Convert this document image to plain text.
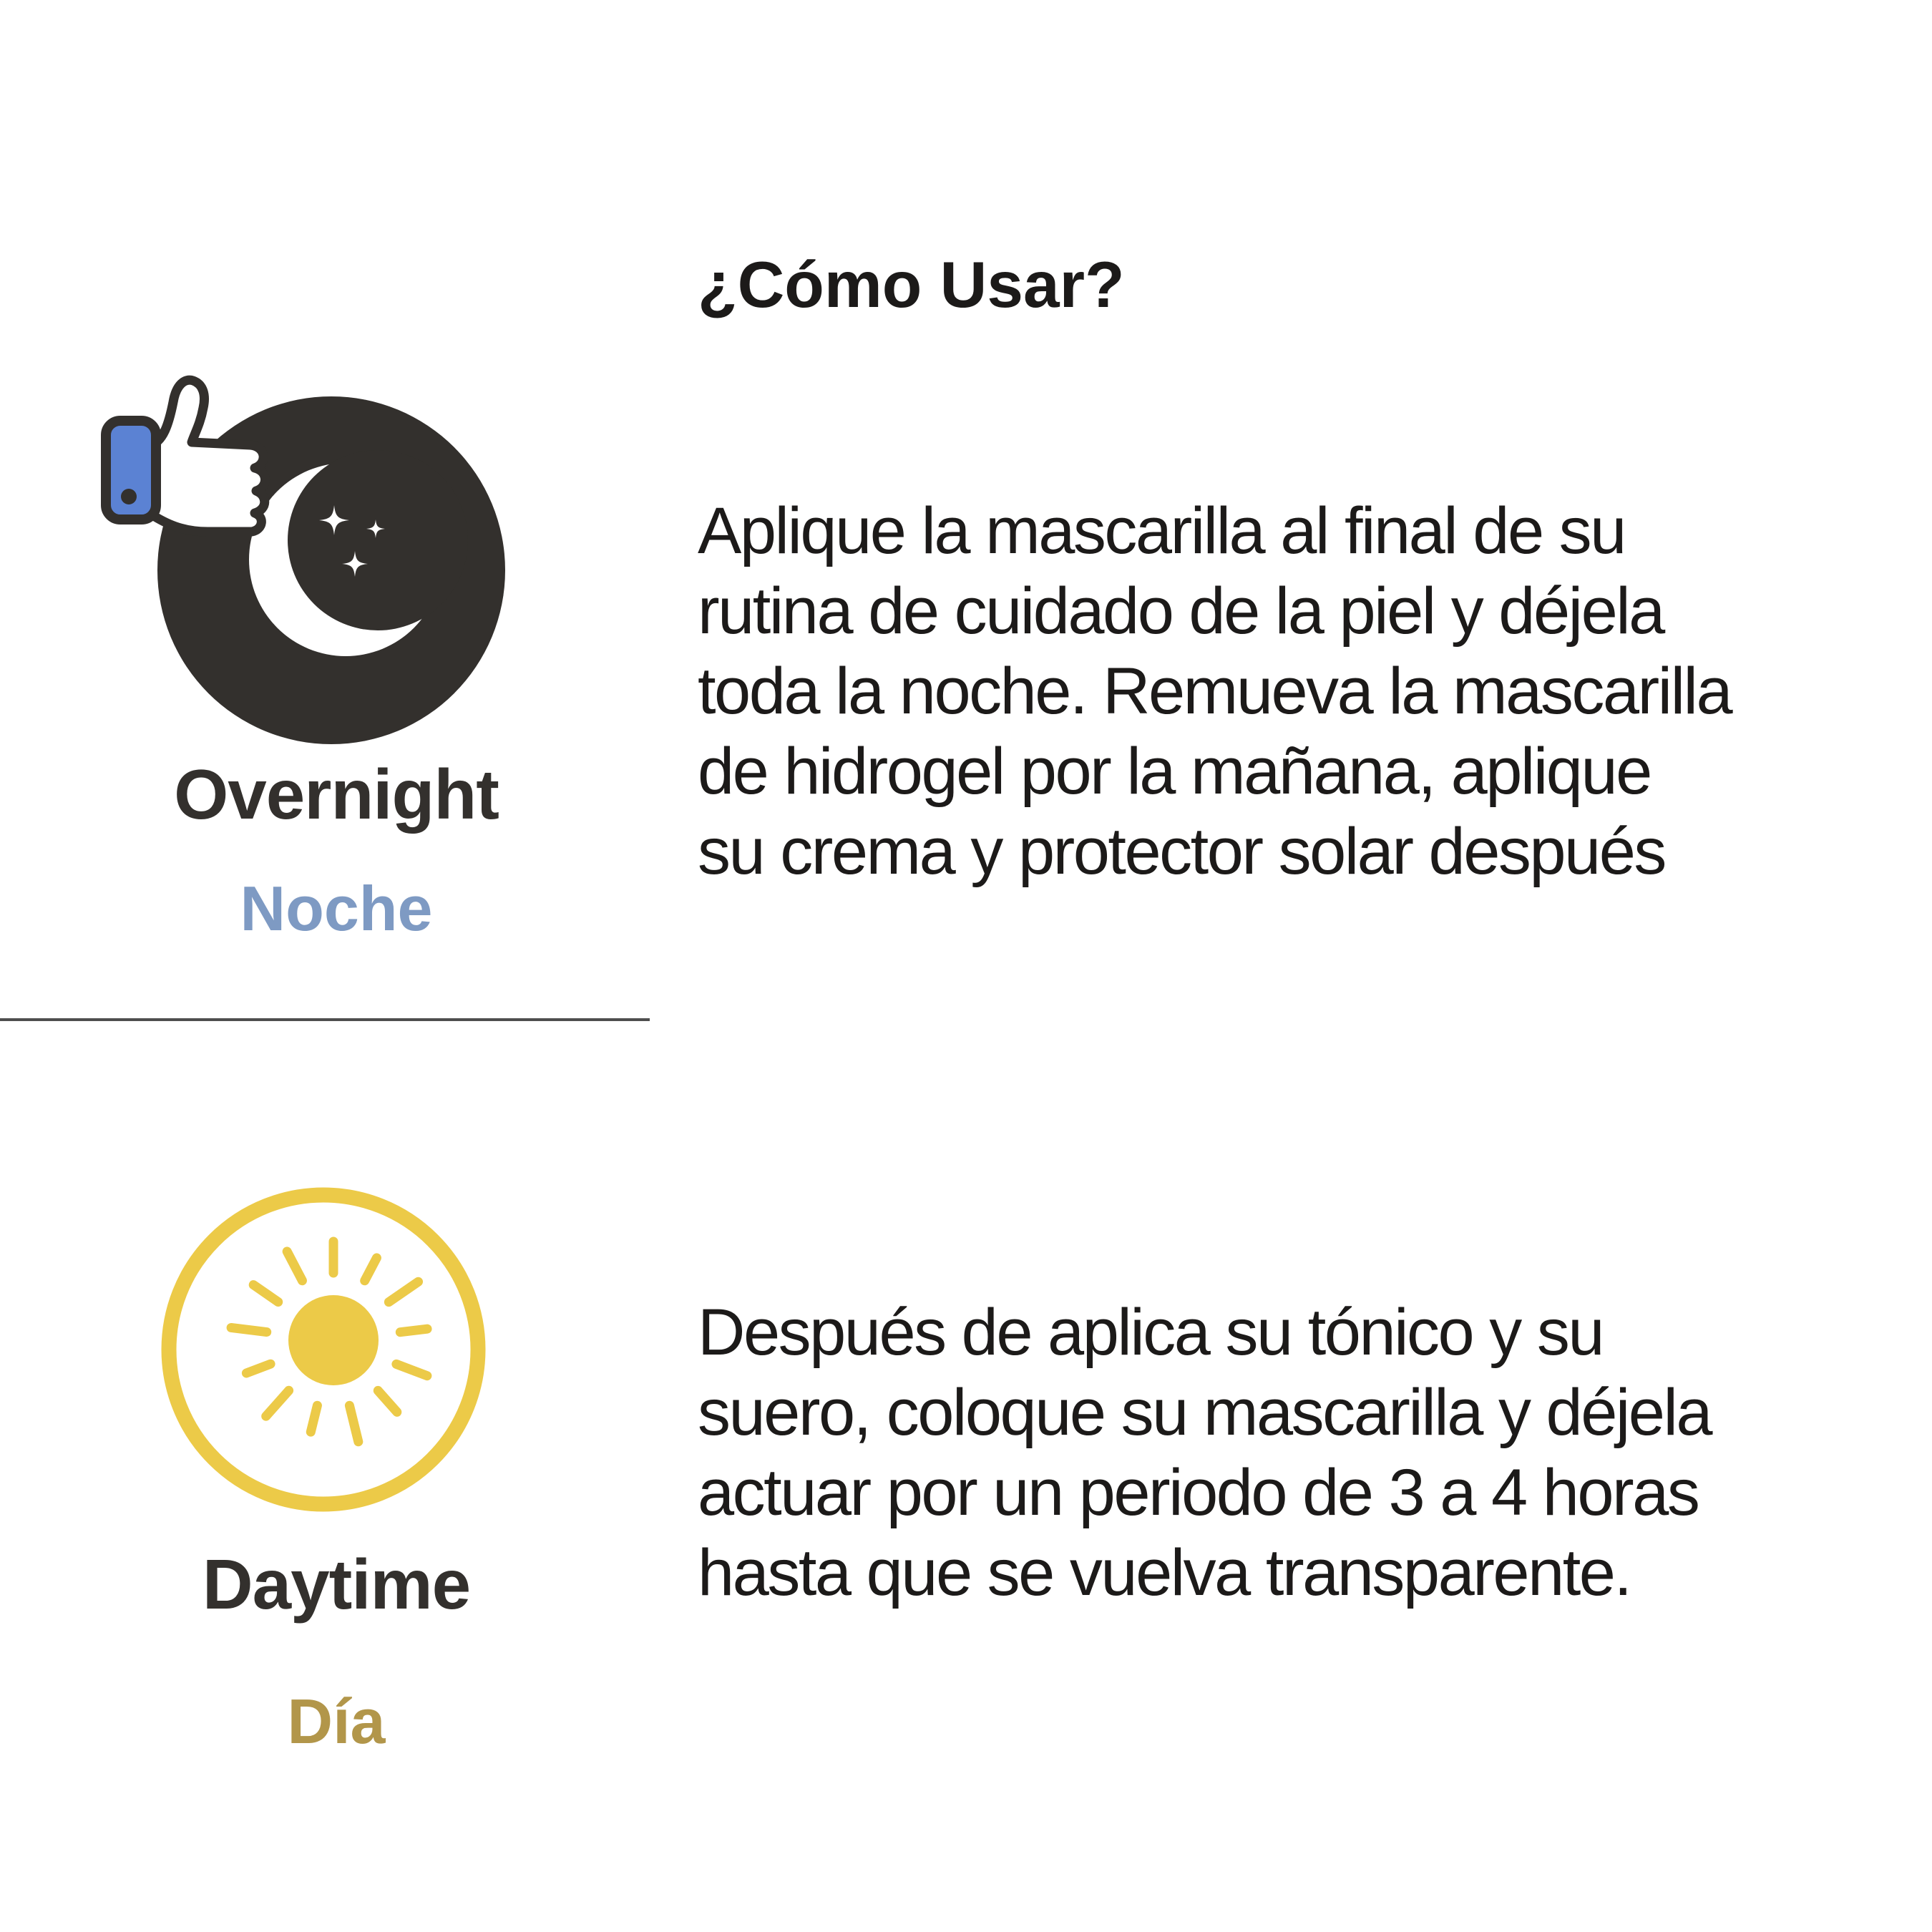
Overnight
Noche
Daytime
Día
¿Cómo Usar?
Aplique la mascarilla al final de su
rutina de cuidado de la piel y déjela
toda la noche. Remueva la mascarilla
de hidrogel por la mañana, aplique
su crema y protector solar después
Después de aplica su tónico y su
suero, coloque su mascarilla y déjela
actuar por un periodo de 3 a 4 horas
hasta que se vuelva transparente.
